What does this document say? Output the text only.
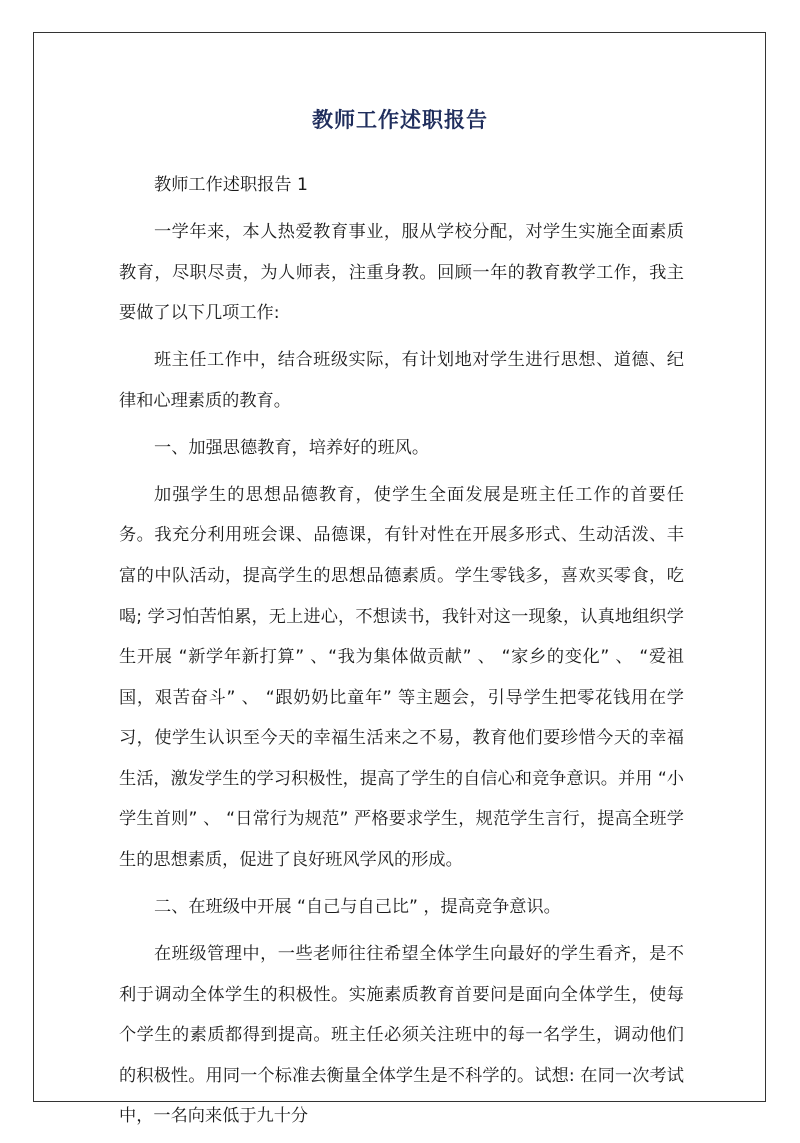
教师工作述职报告

教师工作述职报告 1

一学年来，本人热爱教育事业，服从学校分配，对学生实施全面素质教育，尽职尽责，为人师表，注重身教。回顾一年的教育教学工作，我主要做了以下几项工作:

班主任工作中，结合班级实际，有计划地对学生进行思想、道德、纪律和心理素质的教育。

一、加强思德教育，培养好的班风。

加强学生的思想品德教育，使学生全面发展是班主任工作的首要任务。我充分利用班会课、品德课，有针对性在开展多形式、生动活泼、丰富的中队活动，提高学生的思想品德素质。学生零钱多，喜欢买零食，吃喝; 学习怕苦怕累，无上进心，不想读书，我针对这一现象，认真地组织学生开展 “新学年新打算” 、“我为集体做贡献” 、 “家乡的变化” 、 “爱祖国，艰苦奋斗” 、 “跟奶奶比童年” 等主题会，引导学生把零花钱用在学习，使学生认识至今天的幸福生活来之不易，教育他们要珍惜今天的幸福生活，激发学生的学习积极性，提高了学生的自信心和竞争意识。并用 “小学生首则” 、 “日常行为规范” 严格要求学生，规范学生言行，提高全班学生的思想素质，促进了良好班风学风的形成。

二、在班级中开展 “自己与自己比” ，提高竞争意识。

在班级管理中，一些老师往往希望全体学生向最好的学生看齐，是不利于调动全体学生的积极性。实施素质教育首要问是面向全体学生，使每个学生的素质都得到提高。班主任必须关注班中的每一名学生，调动他们的积极性。用同一个标准去衡量全体学生是不科学的。试想: 在同一次考试中，一名向来低于九十分
